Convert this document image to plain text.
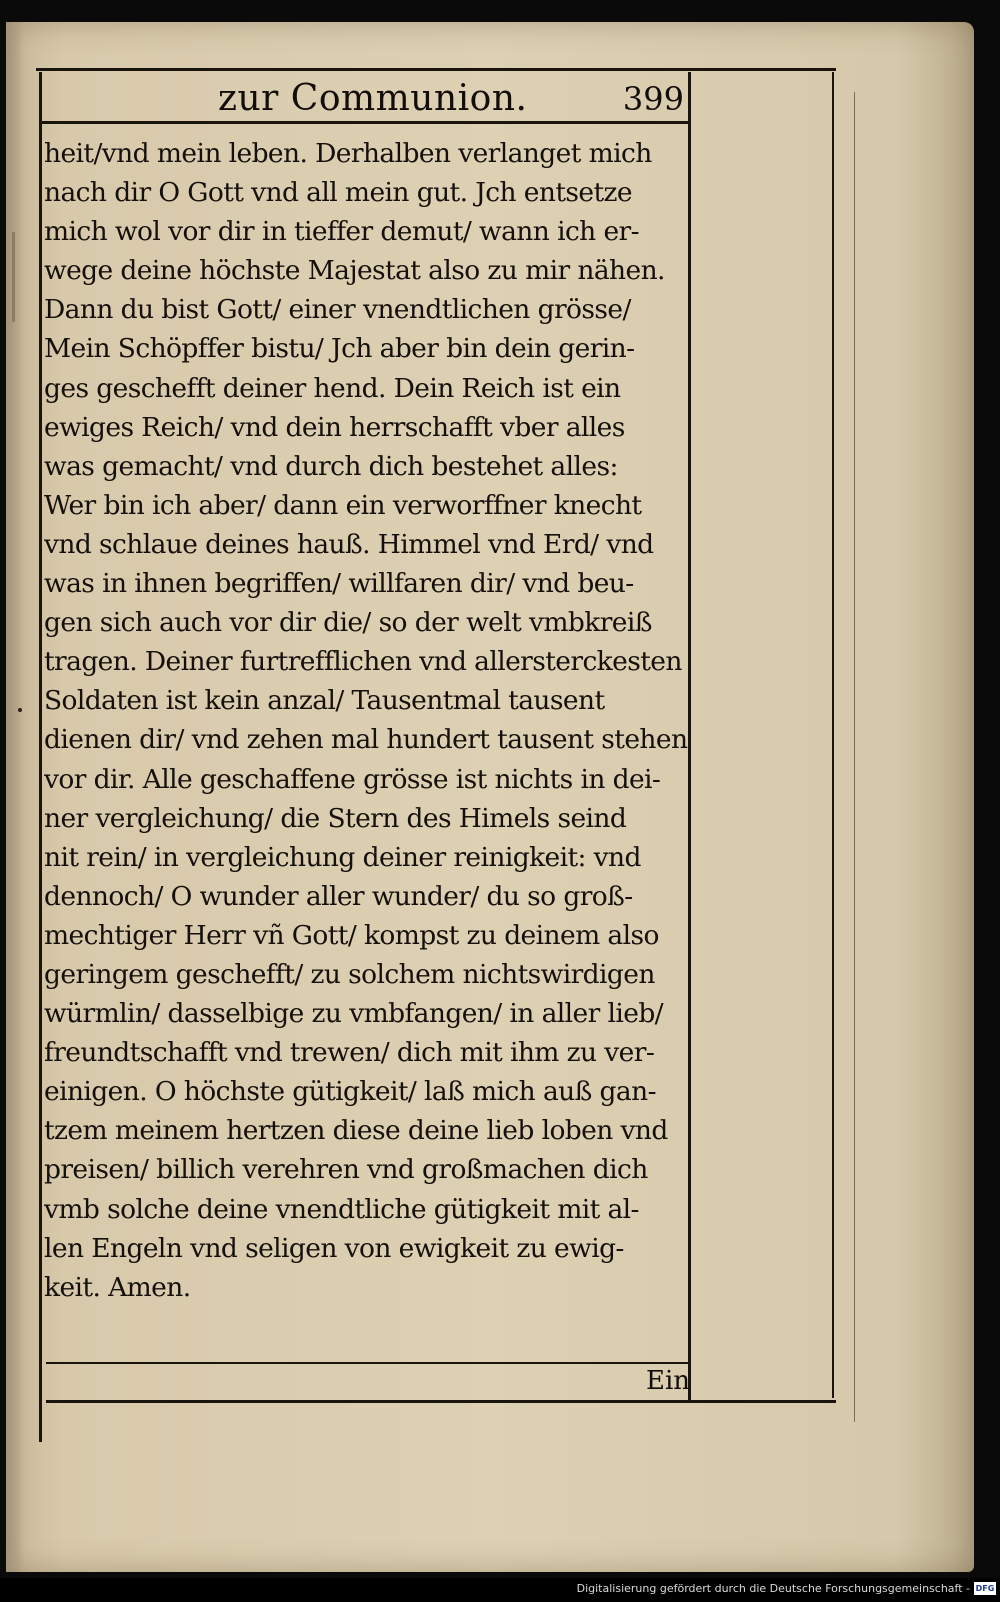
zur Communion.	399
heit/vnd mein leben. Derhalben verlanget mich
nach dir O Gott vnd all mein gut. Jch entsetze
mich wol vor dir in tieffer demut/ wann ich er-
wege deine höchste Majestat also zu mir nähen.
Dann du bist Gott/ einer vnendtlichen grösse/
Mein Schöpffer bistu/ Jch aber bin dein gerin-
ges geschefft deiner hend. Dein Reich ist ein
ewiges Reich/ vnd dein herrschafft vber alles
was gemacht/ vnd durch dich bestehet alles:
Wer bin ich aber/ dann ein verworffner knecht
vnd schlaue deines hauß. Himmel vnd Erd/ vnd
was in ihnen begriffen/ willfaren dir/ vnd beu-
gen sich auch vor dir die/ so der welt vmbkreiß
tragen. Deiner furtrefflichen vnd allersterckesten
Soldaten ist kein anzal/ Tausentmal tausent
dienen dir/ vnd zehen mal hundert tausent stehen
vor dir. Alle geschaffene grösse ist nichts in dei-
ner vergleichung/ die Stern des Himels seind
nit rein/ in vergleichung deiner reinigkeit: vnd
dennoch/ O wunder aller wunder/ du so groß-
mechtiger Herr vñ Gott/ kompst zu deinem also
geringem geschefft/ zu solchem nichtswirdigen
würmlin/ dasselbige zu vmbfangen/ in aller lieb/
freundtschafft vnd trewen/ dich mit ihm zu ver-
einigen. O höchste gütigkeit/ laß mich auß gan-
tzem meinem hertzen diese deine lieb loben vnd
preisen/ billich verehren vnd großmachen dich
vmb solche deine vnendtliche gütigkeit mit al-
len Engeln vnd seligen von ewigkeit zu ewig-
keit. Amen.
Ein
Digitalisierung gefördert durch die Deutsche Forschungsgemeinschaft - DFG
